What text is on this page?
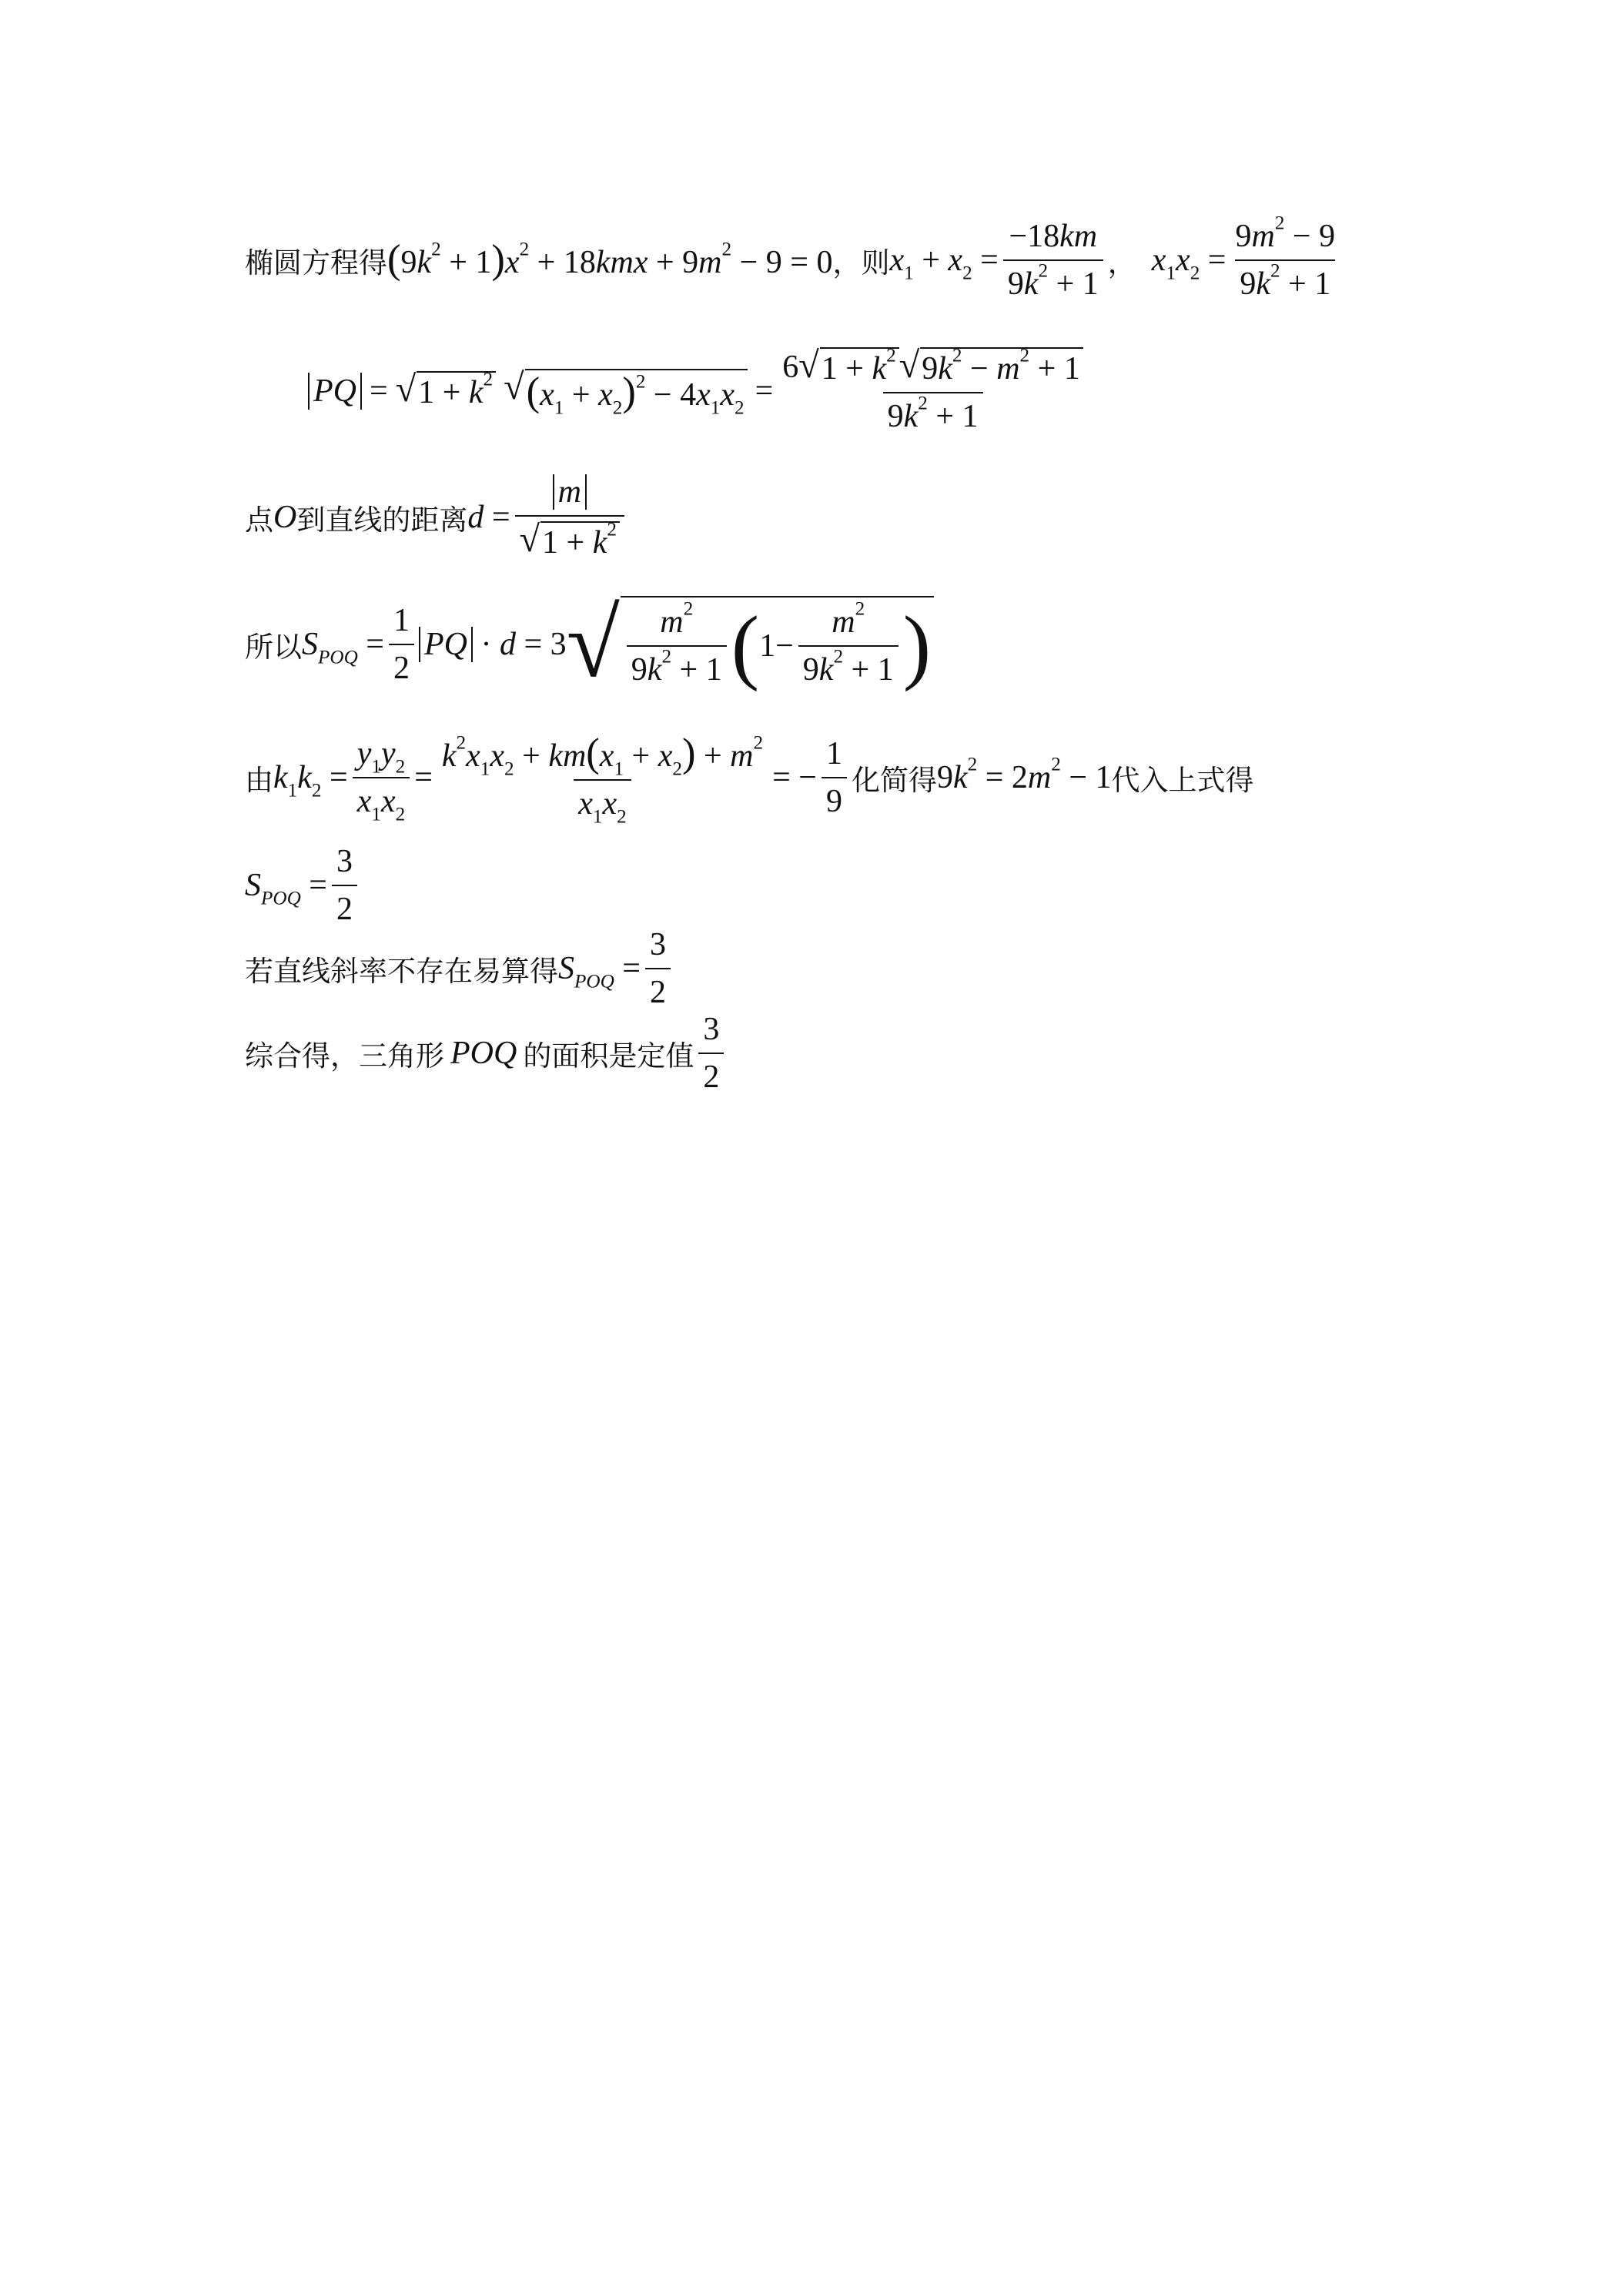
椭圆方程得 $(9k^2 + 1)x^2 + 18kmx + 9m^2 - 9 = 0$ ，则 $x_1 + x_2 = \frac{-18km}{9k^2 + 1}$ ， $x_1x_2 = \frac{9m^2 - 9}{9k^2 + 1}$
PQ = √ $1 + k^2$ √ $(x_1 + x_2)^2 - 4x_1x_2 = \frac{6 √ 1 + k^2 √ 9k^2 - m^2 + 1}{9k^2 + 1}$
点 O 到直线的距离 $d = \frac{m}{√ 1 + k^2}$
所以 $S_{POQ} = \frac{1}{2}$ PQ · d = 3 √ $\frac{m^2}{9k^2 + 1}$ ( $1 - \frac{m^2}{9k^2 + 1}$ )
由 $k_1k_2 = \frac{y_1y_2}{x_1x_2} = \frac{k^2x_1x_2 + km(x_1 + x_2) + m^2}{x_1x_2}$ = − $\frac{1}{9}$ 化简得 $9k^2 = 2m^2 - 1$ 代入上式得
$S_{POQ} = \frac{3}{2}$
若直线斜率不存在易算得 $S_{POQ} = \frac{3}{2}$
综合得，三角形 POQ 的面积是定值 $\frac{3}{2}$
